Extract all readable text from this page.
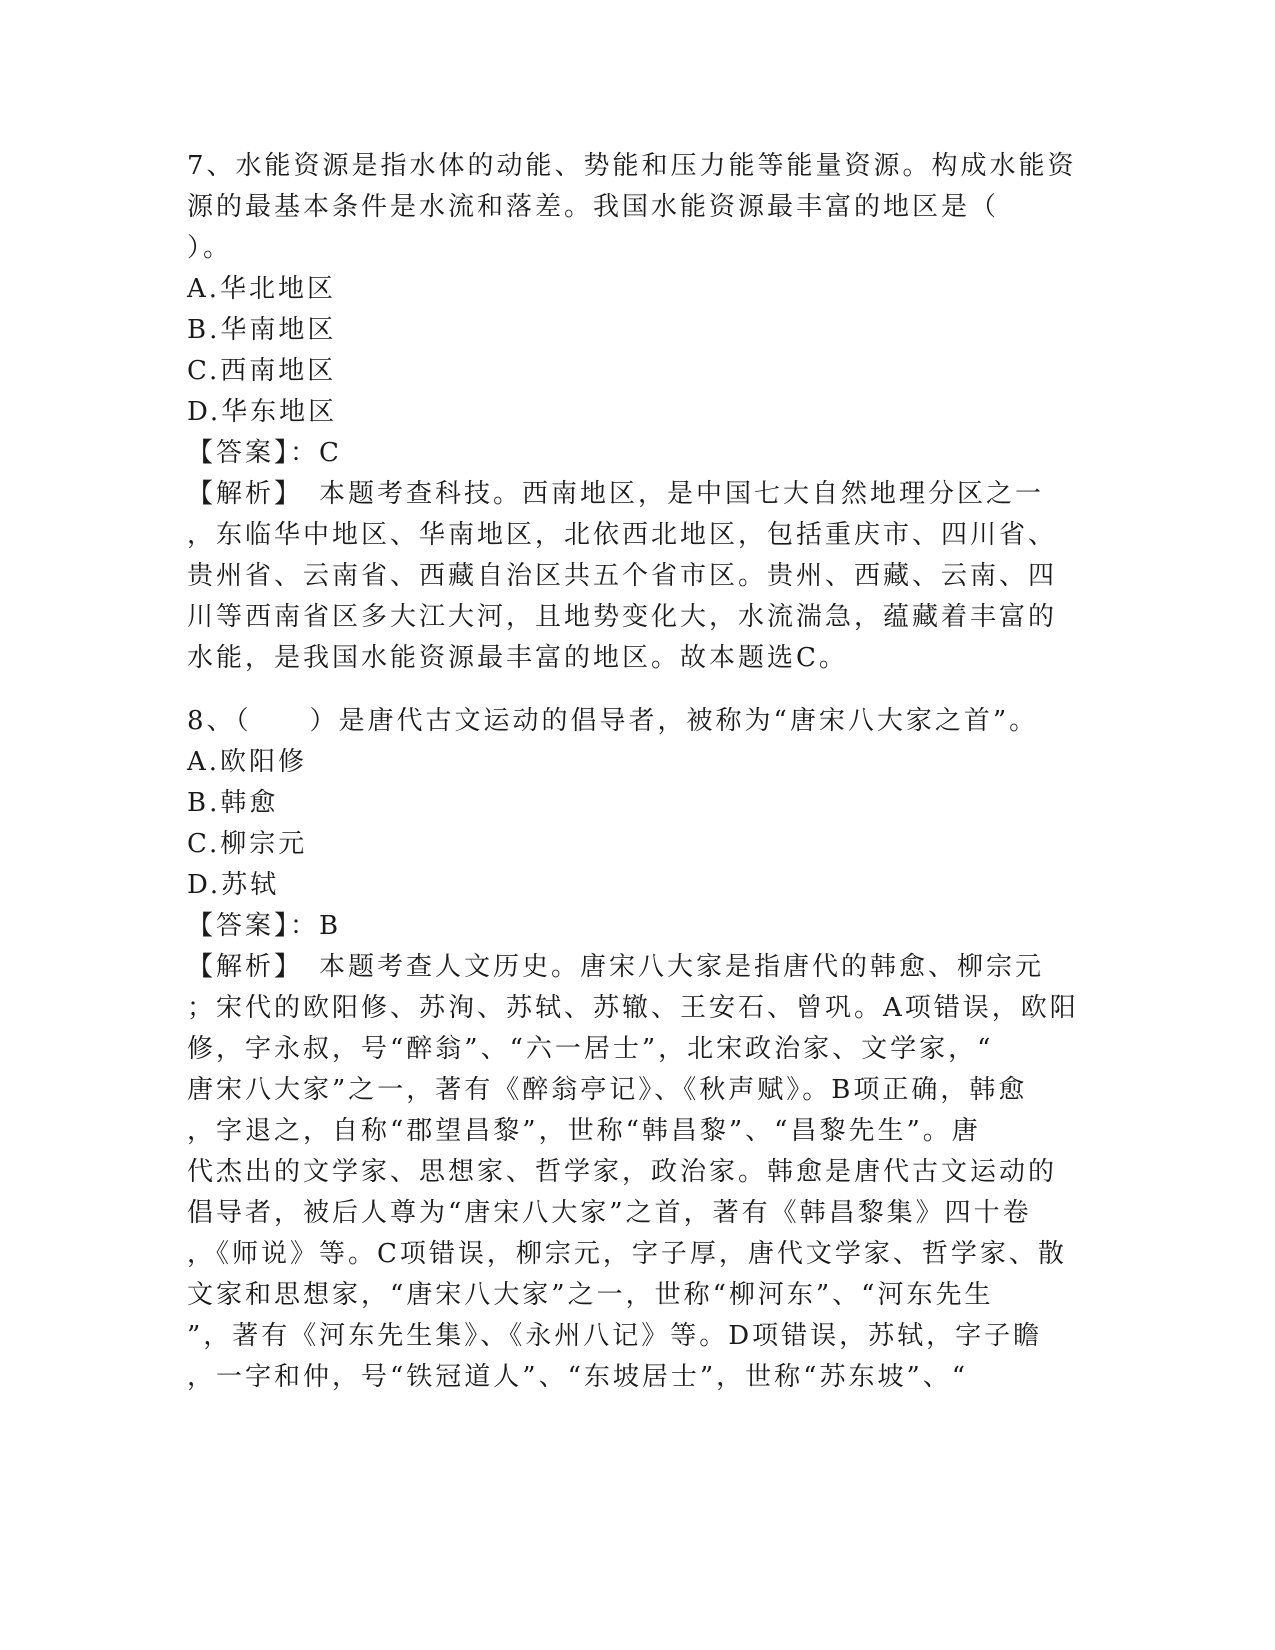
7、水能资源是指水体的动能、势能和压力能等能量资源。构成水能资
源的最基本条件是水流和落差。我国水能资源最丰富的地区是（
）。
A.华北地区
B.华南地区
C.西南地区
D.华东地区
【答案】：C
【解析】　本题考查科技。西南地区，是中国七大自然地理分区之一
，东临华中地区、华南地区，北依西北地区，包括重庆市、四川省、
贵州省、云南省、西藏自治区共五个省市区。贵州、西藏、云南、四
川等西南省区多大江大河，且地势变化大，水流湍急，蕴藏着丰富的
水能，是我国水能资源最丰富的地区。故本题选C。
8、（　　）是唐代古文运动的倡导者，被称为“唐宋八大家之首”。
A.欧阳修
B.韩愈
C.柳宗元
D.苏轼
【答案】：B
【解析】　本题考查人文历史。唐宋八大家是指唐代的韩愈、柳宗元
；宋代的欧阳修、苏洵、苏轼、苏辙、王安石、曾巩。A项错误，欧阳
修，字永叔，号“醉翁”、“六一居士”，北宋政治家、文学家，“
唐宋八大家”之一，著有《醉翁亭记》、《秋声赋》。B项正确，韩愈
，字退之，自称“郡望昌黎”，世称“韩昌黎”、“昌黎先生”。唐
代杰出的文学家、思想家、哲学家，政治家。韩愈是唐代古文运动的
倡导者，被后人尊为“唐宋八大家”之首，著有《韩昌黎集》四十卷
，《师说》等。C项错误，柳宗元，字子厚，唐代文学家、哲学家、散
文家和思想家，“唐宋八大家”之一，世称“柳河东”、“河东先生
”，著有《河东先生集》、《永州八记》等。D项错误，苏轼，字子瞻
，一字和仲，号“铁冠道人”、“东坡居士”，世称“苏东坡”、“
